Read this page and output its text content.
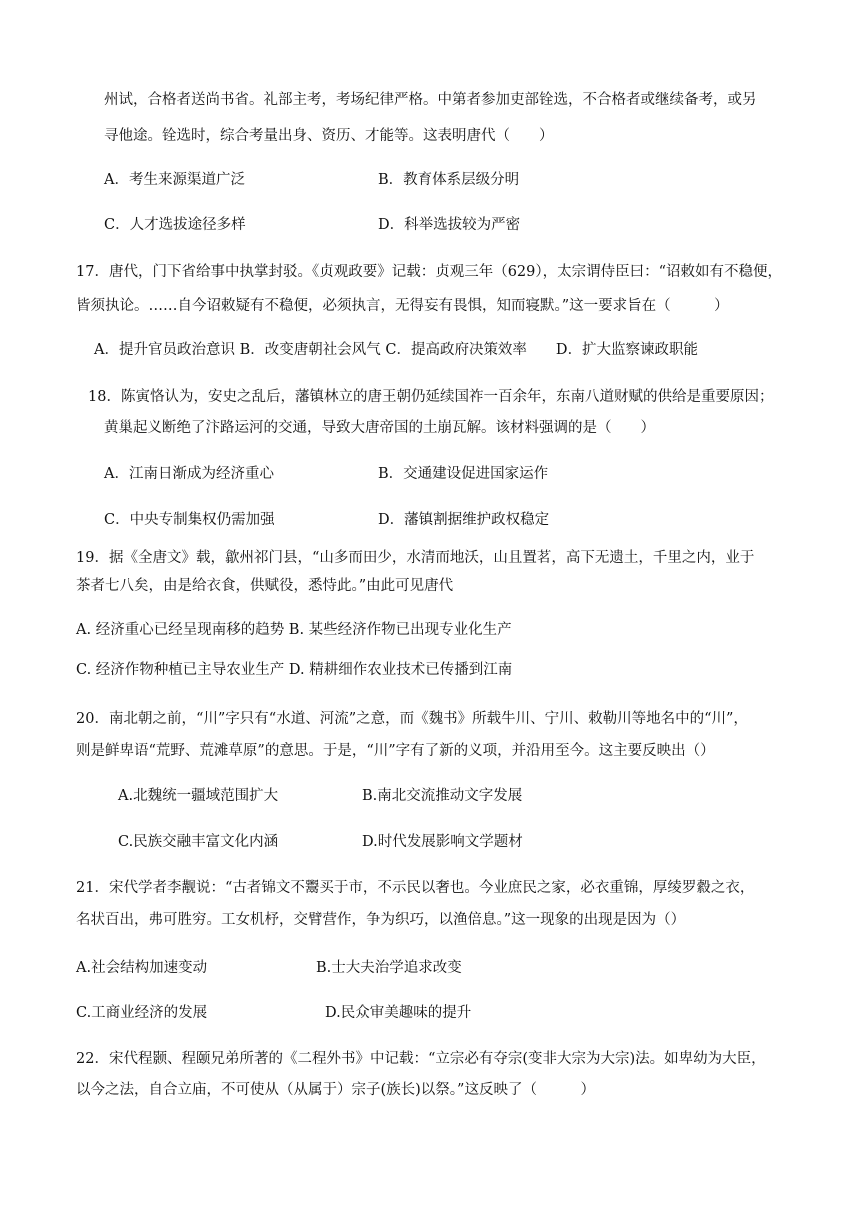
州试，合格者送尚书省。礼部主考，考场纪律严格。中第者参加吏部铨选，不合格者或继续备考，或另
寻他途。铨选时，综合考量出身、资历、才能等。这表明唐代（　　）
A．考生来源渠道广泛	B．教育体系层级分明
C．人才选拔途径多样	D．科举选拔较为严密
17．唐代，门下省给事中执掌封驳。《贞观政要》记载：贞观三年（629），太宗谓侍臣曰：“诏敕如有不稳便，
皆须执论。……自今诏敕疑有不稳便，必须执言，无得妄有畏惧，知而寝默。”这一要求旨在（　　　）
A．提升官员政治意识 B．改变唐朝社会风气 C．提高政府决策效率　　D．扩大监察谏政职能
18．陈寅恪认为，安史之乱后，藩镇林立的唐王朝仍延续国祚一百余年，东南八道财赋的供给是重要原因；
黄巢起义断绝了汴路运河的交通，导致大唐帝国的土崩瓦解。该材料强调的是（　　）
A．江南日渐成为经济重心	B．交通建设促进国家运作
C．中央专制集权仍需加强	D．藩镇割据维护政权稳定
19．据《全唐文》载，歙州祁门县，“山多而田少，水清而地沃，山且置茗，高下无遗土，千里之内，业于
茶者七八矣，由是给衣食，供赋役，悉恃此。”由此可见唐代
A. 经济重心已经呈现南移的趋势 B. 某些经济作物已出现专业化生产
C. 经济作物种植已主导农业生产 D. 精耕细作农业技术已传播到江南
20．南北朝之前，“川”字只有“水道、河流”之意，而《魏书》所载牛川、宁川、敕勒川等地名中的“川”，
则是鲜卑语“荒野、荒滩草原”的意思。于是，“川”字有了新的义项，并沿用至今。这主要反映出（）
A.北魏统一疆域范围扩大	B.南北交流推动文字发展
C.民族交融丰富文化内涵	D.时代发展影响文学题材
21．宋代学者李觏说：“古者锦文不鬻买于市，不示民以奢也。今业庶民之家，必衣重锦，厚绫罗縠之衣，
名状百出，弗可胜穷。工女机杼，交臂营作，争为织巧，以渔倍息。”这一现象的出现是因为（）
A.社会结构加速变动	B.士大夫治学追求改变
C.工商业经济的发展	D.民众审美趣味的提升
22．宋代程颢、程颐兄弟所著的《二程外书》中记载：“立宗必有夺宗(变非大宗为大宗)法。如卑幼为大臣，
以今之法，自合立庙，不可使从（从属于）宗子(族长)以祭。”这反映了（　　　）
